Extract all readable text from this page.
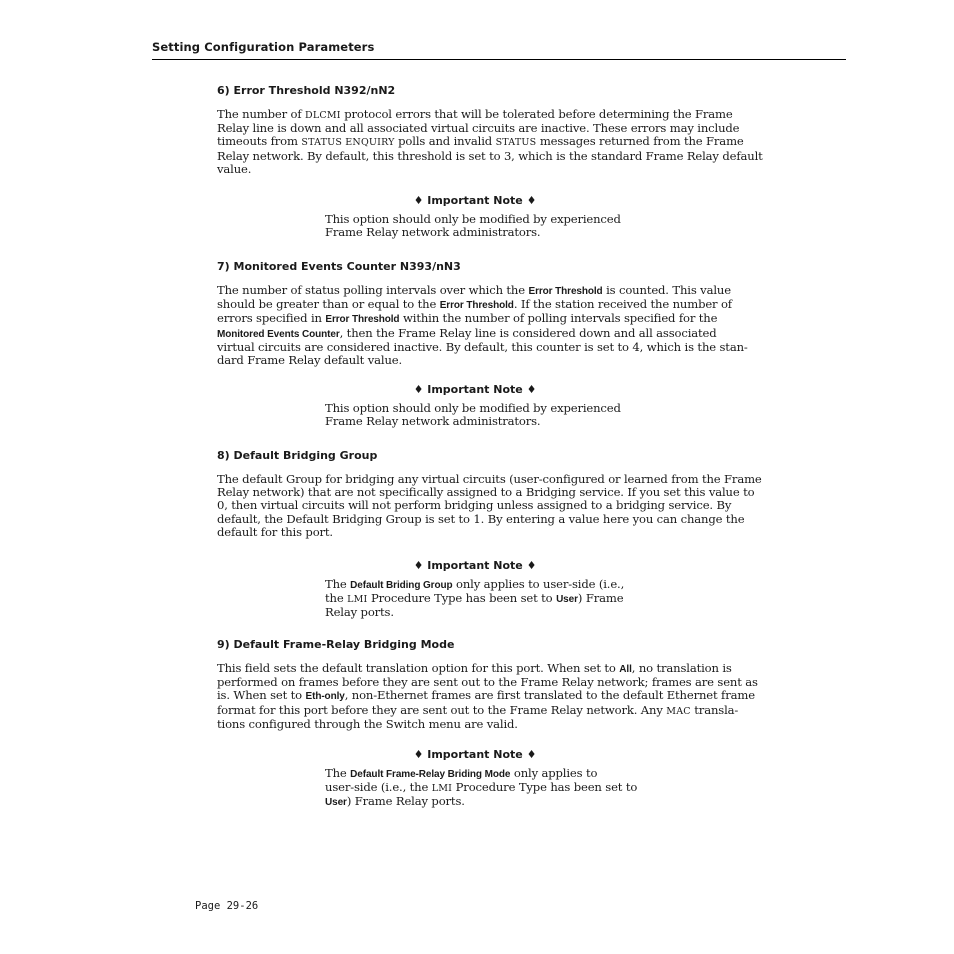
Setting Configuration Parameters
6) Error Threshold N392/nN2
The number of DLCMI protocol errors that will be tolerated before determining the Frame
Relay line is down and all associated virtual circuits are inactive. These errors may include
timeouts from STATUS ENQUIRY polls and invalid STATUS messages returned from the Frame
Relay network. By default, this threshold is set to 3, which is the standard Frame Relay default
value.
♦ Important Note ♦
This option should only be modified by experienced
Frame Relay network administrators.
7) Monitored Events Counter N393/nN3
The number of status polling intervals over which the Error Threshold is counted. This value
should be greater than or equal to the Error Threshold. If the station received the number of
errors specified in Error Threshold within the number of polling intervals specified for the
Monitored Events Counter, then the Frame Relay line is considered down and all associated
virtual circuits are considered inactive. By default, this counter is set to 4, which is the stan-
dard Frame Relay default value.
♦ Important Note ♦
This option should only be modified by experienced
Frame Relay network administrators.
8) Default Bridging Group
The default Group for bridging any virtual circuits (user-configured or learned from the Frame
Relay network) that are not specifically assigned to a Bridging service. If you set this value to
0, then virtual circuits will not perform bridging unless assigned to a bridging service. By
default, the Default Bridging Group is set to 1. By entering a value here you can change the
default for this port.
♦ Important Note ♦
The Default Briding Group only applies to user-side (i.e.,
the LMI Procedure Type has been set to User) Frame
Relay ports.
9) Default Frame-Relay Bridging Mode
This field sets the default translation option for this port. When set to All, no translation is
performed on frames before they are sent out to the Frame Relay network; frames are sent as
is. When set to Eth-only, non-Ethernet frames are first translated to the default Ethernet frame
format for this port before they are sent out to the Frame Relay network. Any MAC transla-
tions configured through the Switch menu are valid.
♦ Important Note ♦
The Default Frame-Relay Briding Mode only applies to
user-side (i.e., the LMI Procedure Type has been set to
User) Frame Relay ports.
Page 29-26
